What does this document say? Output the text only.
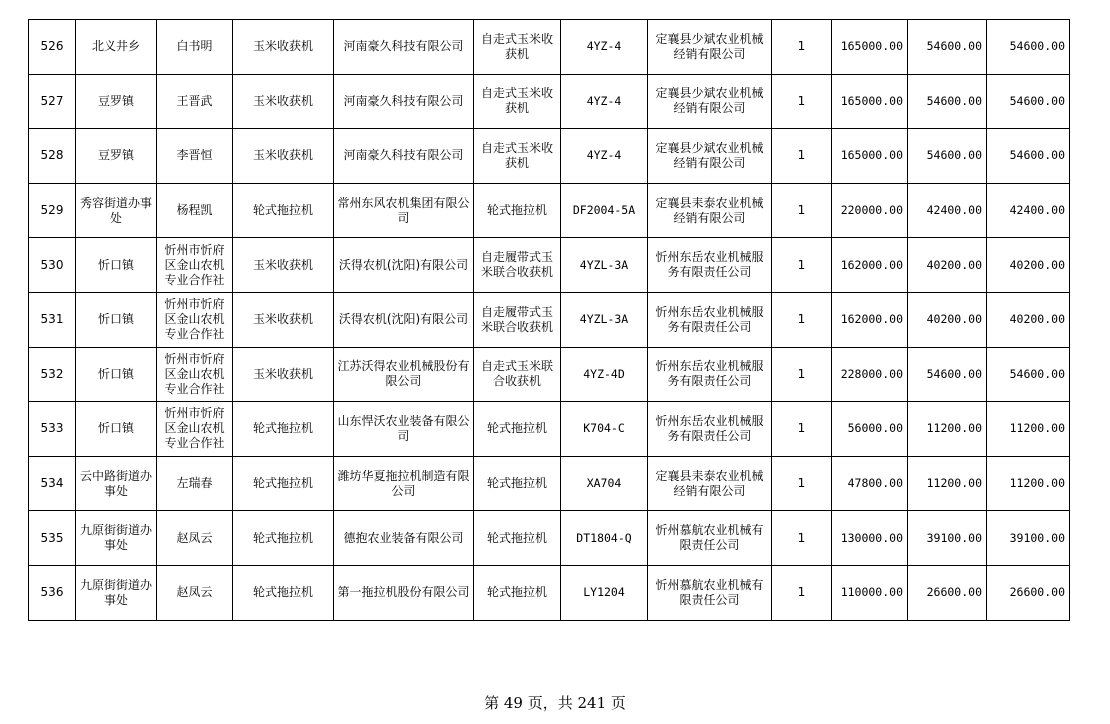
526	北义井乡	白书明	玉米收获机	河南豪久科技有限公司	自走式玉米收获机	4YZ-4	定襄县少斌农业机械经销有限公司	1	165000.00	54600.00	54600.00
527	豆罗镇	王晋武	玉米收获机	河南豪久科技有限公司	自走式玉米收获机	4YZ-4	定襄县少斌农业机械经销有限公司	1	165000.00	54600.00	54600.00
528	豆罗镇	李晋恒	玉米收获机	河南豪久科技有限公司	自走式玉米收获机	4YZ-4	定襄县少斌农业机械经销有限公司	1	165000.00	54600.00	54600.00
529	秀容街道办事处	杨程凯	轮式拖拉机	常州东风农机集团有限公司	轮式拖拉机	DF2004-5A	定襄县耒泰农业机械经销有限公司	1	220000.00	42400.00	42400.00
530	忻口镇	忻州市忻府区金山农机专业合作社	玉米收获机	沃得农机(沈阳)有限公司	自走履带式玉米联合收获机	4YZL-3A	忻州东岳农业机械服务有限责任公司	1	162000.00	40200.00	40200.00
531	忻口镇	忻州市忻府区金山农机专业合作社	玉米收获机	沃得农机(沈阳)有限公司	自走履带式玉米联合收获机	4YZL-3A	忻州东岳农业机械服务有限责任公司	1	162000.00	40200.00	40200.00
532	忻口镇	忻州市忻府区金山农机专业合作社	玉米收获机	江苏沃得农业机械股份有限公司	自走式玉米联合收获机	4YZ-4D	忻州东岳农业机械服务有限责任公司	1	228000.00	54600.00	54600.00
533	忻口镇	忻州市忻府区金山农机专业合作社	轮式拖拉机	山东悍沃农业装备有限公司	轮式拖拉机	K704-C	忻州东岳农业机械服务有限责任公司	1	56000.00	11200.00	11200.00
534	云中路街道办事处	左瑞春	轮式拖拉机	潍坊华夏拖拉机制造有限公司	轮式拖拉机	XA704	定襄县耒泰农业机械经销有限公司	1	47800.00	11200.00	11200.00
535	九原街街道办事处	赵凤云	轮式拖拉机	德抱农业装备有限公司	轮式拖拉机	DT1804-Q	忻州慕航农业机械有限责任公司	1	130000.00	39100.00	39100.00
536	九原街街道办事处	赵凤云	轮式拖拉机	第一拖拉机股份有限公司	轮式拖拉机	LY1204	忻州慕航农业机械有限责任公司	1	110000.00	26600.00	26600.00
第 49 页，共 241 页
